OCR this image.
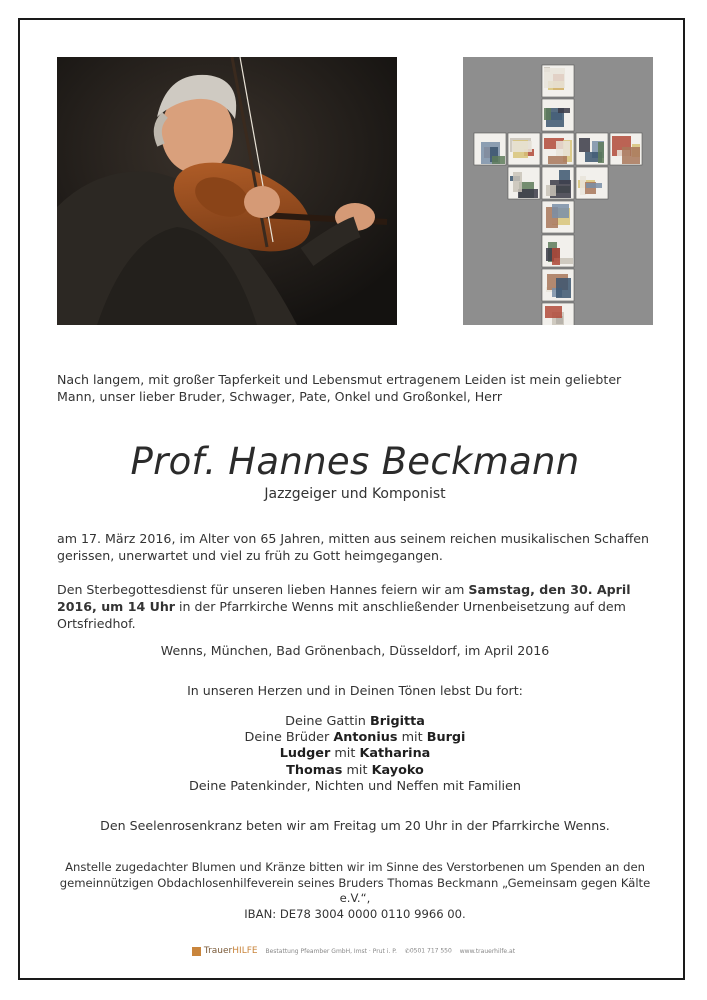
Nach langem, mit großer Tapferkeit und Lebensmut ertragenem Leiden ist mein geliebter Mann, unser lieber Bruder, Schwager, Pate, Onkel und Großonkel, Herr
Prof. Hannes Beckmann
Jazzgeiger und Komponist
am 17. März 2016, im Alter von 65 Jahren, mitten aus seinem reichen musikalischen Schaffen gerissen, unerwartet und viel zu früh zu Gott heimgegangen.
Den Sterbegottesdienst für unseren lieben Hannes feiern wir am Samstag, den 30. April 2016, um 14 Uhr in der Pfarrkirche Wenns mit anschließender Urnenbeisetzung auf dem Ortsfriedhof.
Wenns, München, Bad Grönenbach, Düsseldorf, im April 2016
In unseren Herzen und in Deinen Tönen lebst Du fort:
Deine Gattin Brigitta
Deine Brüder Antonius mit Burgi
Ludger mit Katharina
Thomas mit Kayoko
Deine Patenkinder, Nichten und Neffen mit Familien
Den Seelenrosenkranz beten wir am Freitag um 20 Uhr in der Pfarrkirche Wenns.
Anstelle zugedachter Blumen und Kränze bitten wir im Sinne des Verstorbenen um Spenden an den
gemeinnützigen Obdachlosenhilfeverein seines Bruders Thomas Beckmann „Gemeinsam gegen Kälte e.V.“,
IBAN: DE78 3004 0000 0110 9966 00.
TrauerHILFE Bestattung Pfeamber GmbH, Imst · Prut i. P. ✆0501 717 550 www.trauerhilfe.at
